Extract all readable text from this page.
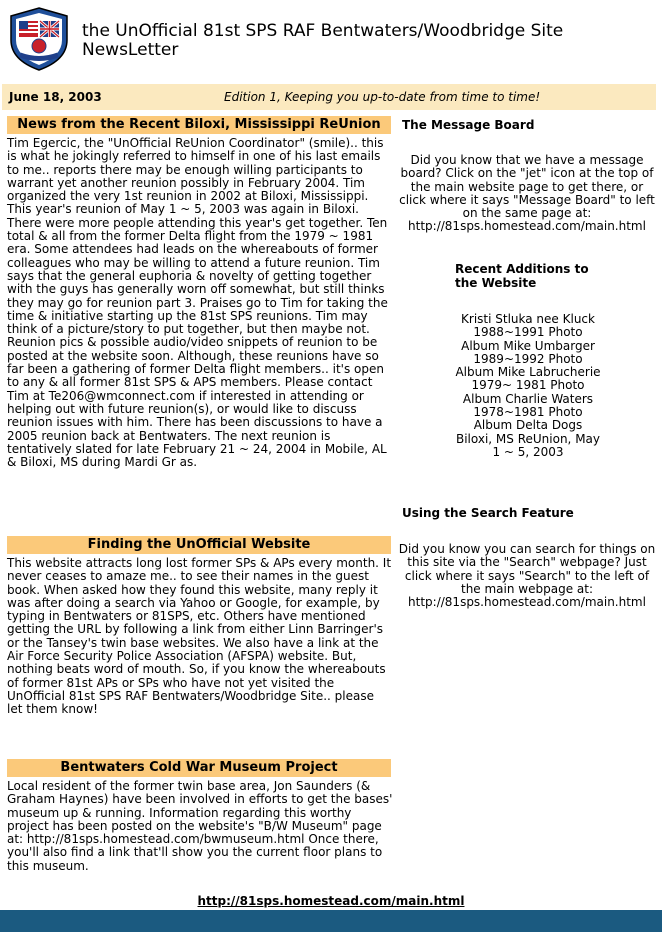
the UnOfficial 81st SPS RAF Bentwaters/Woodbridge Site NewsLetter
June 18, 2003	Edition 1, Keeping you up-to-date from time to time!
News from the Recent Biloxi, Mississippi ReUnion
Tim Egercic, the "UnOfficial ReUnion Coordinator" (smile).. this is what he jokingly referred to himself in one of his last emails to me.. reports there may be enough willing participants to warrant yet another reunion possibly in February 2004. Tim organized the very 1st reunion in 2002 at Biloxi, Mississippi. This year's reunion of May 1 ~ 5, 2003 was again in Biloxi. There were more people attending this year's get together. Ten total & all from the former Delta flight from the 1979 ~ 1981 era. Some attendees had leads on the whereabouts of former colleagues who may be willing to attend a future reunion. Tim says that the general euphoria & novelty of getting together with the guys has generally worn off somewhat, but still thinks they may go for reunion part 3. Praises go to Tim for taking the time & initiative starting up the 81st SPS reunions. Tim may think of a picture/story to put together, but then maybe not. Reunion pics & possible audio/video snippets of reunion to be posted at the website soon. Although, these reunions have so far been a gathering of former Delta flight members.. it's open to any & all former 81st SPS & APS members. Please contact Tim at Te206@wmconnect.com if interested in attending or helping out with future reunion(s), or would like to discuss reunion issues with him. There has been discussions to have a 2005 reunion back at Bentwaters. The next reunion is tentatively slated for late February 21 ~ 24, 2004 in Mobile, AL & Biloxi, MS during Mardi Gr as.
Finding the UnOfficial Website
This website attracts long lost former SPs & APs every month. It never ceases to amaze me.. to see their names in the guest book. When asked how they found this website, many reply it was after doing a search via Yahoo or Google, for example, by typing in Bentwaters or 81SPS, etc. Others have mentioned getting the URL by following a link from either Linn Barringer's or the Tansey's twin base websites. We also have a link at the Air Force Security Police Association (AFSPA) website. But, nothing beats word of mouth. So, if you know the whereabouts of former 81st APs or SPs who have not yet visited the UnOfficial 81st SPS RAF Bentwaters/Woodbridge Site.. please let them know!
Bentwaters Cold War Museum Project
Local resident of the former twin base area, Jon Saunders (& Graham Haynes) have been involved in efforts to get the bases' museum up & running. Information regarding this worthy project has been posted on the website's "B/W Museum" page at: http://81sps.homestead.com/bwmuseum.html Once there, you'll also find a link that'll show you the current floor plans to this museum.
The Message Board
Did you know that we have a message board? Click on the "jet" icon at the top of the main website page to get there, or click where it says "Message Board" to left on the same page at: http://81sps.homestead.com/main.html
Recent Additions to the Website
Kristi Stluka nee Kluck 1988~1991 Photo Album Mike Umbarger 1989~1992 Photo Album Mike Labrucherie 1979~ 1981 Photo Album Charlie Waters 1978~1981 Photo Album Delta Dogs Biloxi, MS ReUnion, May 1 ~ 5, 2003
Using the Search Feature
Did you know you can search for things on this site via the "Search" webpage? Just click where it says "Search" to the left of the main webpage at: http://81sps.homestead.com/main.html
http://81sps.homestead.com/main.html
